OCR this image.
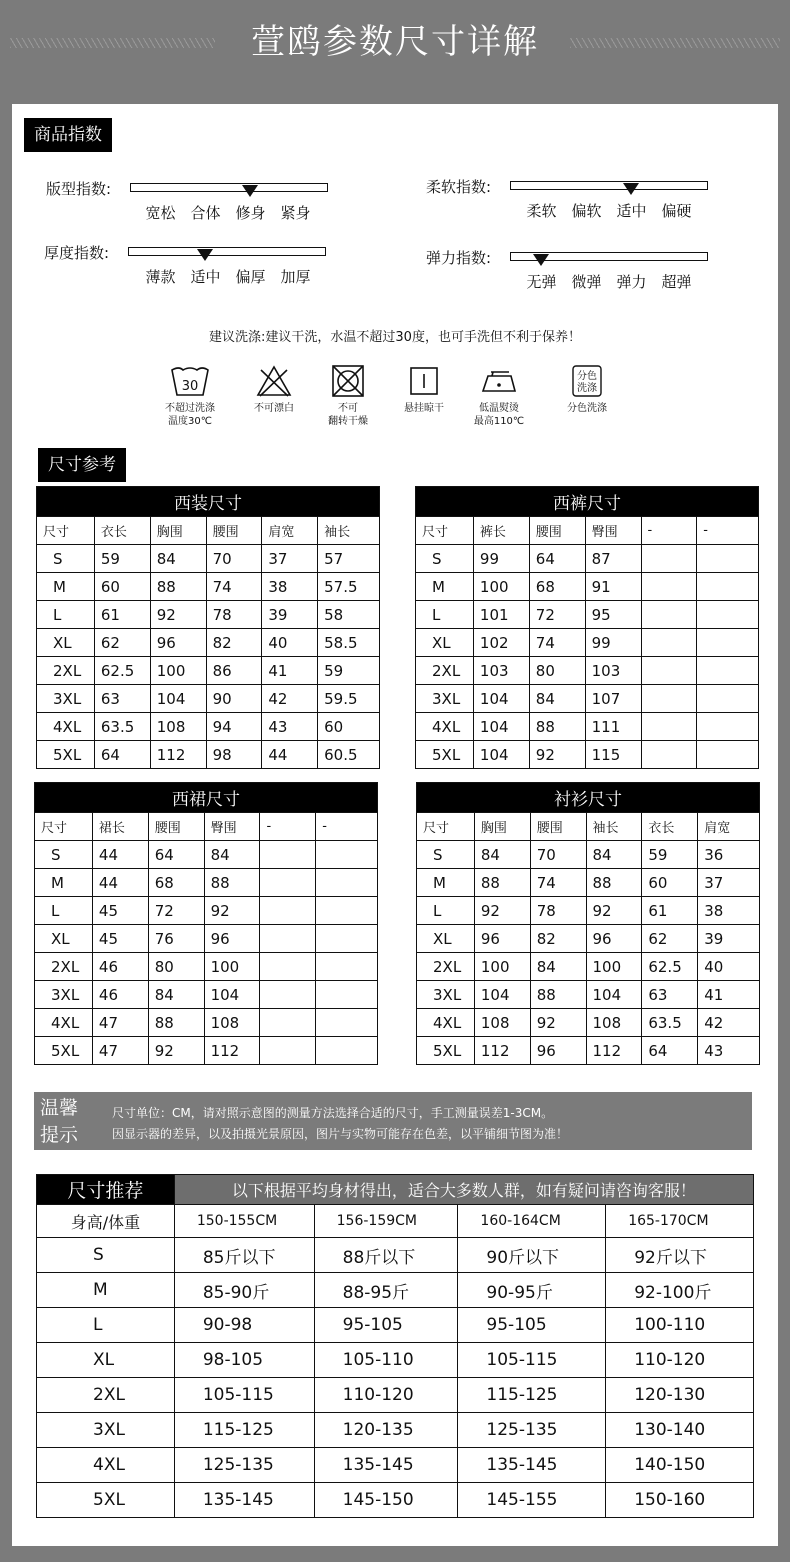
萱鸥参数尺寸详解
商品指数
版型指数:
宽松 合体 修身 紧身
柔软指数:
柔软 偏软 适中 偏硬
厚度指数:
薄款 适中 偏厚 加厚
弹力指数:
无弹 微弹 弹力 超弹
建议洗涤:建议干洗，水温不超过30度，也可手洗但不利于保养！
30
不超过洗涤
温度30℃
不可漂白	不可
翻转干燥
悬挂晾干	低温熨烫
最高110℃
分色
洗涤
分色洗涤
尺寸参考
西装尺寸					
尺寸	衣长	胸围	腰围	肩宽	袖长
S	59	84	70	37	57
M	60	88	74	38	57.5
L	61	92	78	39	58
XL	62	96	82	40	58.5
2XL	62.5	100	86	41	59
3XL	63	104	90	42	59.5
4XL	63.5	108	94	43	60
5XL	64	112	98	44	60.5
西裤尺寸					
尺寸	裤长	腰围	臀围	-	-
S	99	64	87		
M	100	68	91		
L	101	72	95		
XL	102	74	99		
2XL	103	80	103		
3XL	104	84	107		
4XL	104	88	111		
5XL	104	92	115		
西裙尺寸					
尺寸	裙长	腰围	臀围	-	-
S	44	64	84		
M	44	68	88		
L	45	72	92		
XL	45	76	96		
2XL	46	80	100		
3XL	46	84	104		
4XL	47	88	108		
5XL	47	92	112		
衬衫尺寸					
尺寸	胸围	腰围	袖长	衣长	肩宽
S	84	70	84	59	36
M	88	74	88	60	37
L	92	78	92	61	38
XL	96	82	96	62	39
2XL	100	84	100	62.5	40
3XL	104	88	104	63	41
4XL	108	92	108	63.5	42
5XL	112	96	112	64	43
温馨
提示
尺寸单位：CM，请对照示意图的测量方法选择合适的尺寸，手工测量误差1-3CM。
因显示器的差异，以及拍摄光景原因，图片与实物可能存在色差，以平铺细节图为准！
尺寸推荐	以下根据平均身材得出，适合大多数人群，如有疑问请咨询客服！			
身高/体重	150-155CM	156-159CM	160-164CM	165-170CM
S	85斤以下	88斤以下	90斤以下	92斤以下
M	85-90斤	88-95斤	90-95斤	92-100斤
L	90-98	95-105	95-105	100-110
XL	98-105	105-110	105-115	110-120
2XL	105-115	110-120	115-125	120-130
3XL	115-125	120-135	125-135	130-140
4XL	125-135	135-145	135-145	140-150
5XL	135-145	145-150	145-155	150-160
